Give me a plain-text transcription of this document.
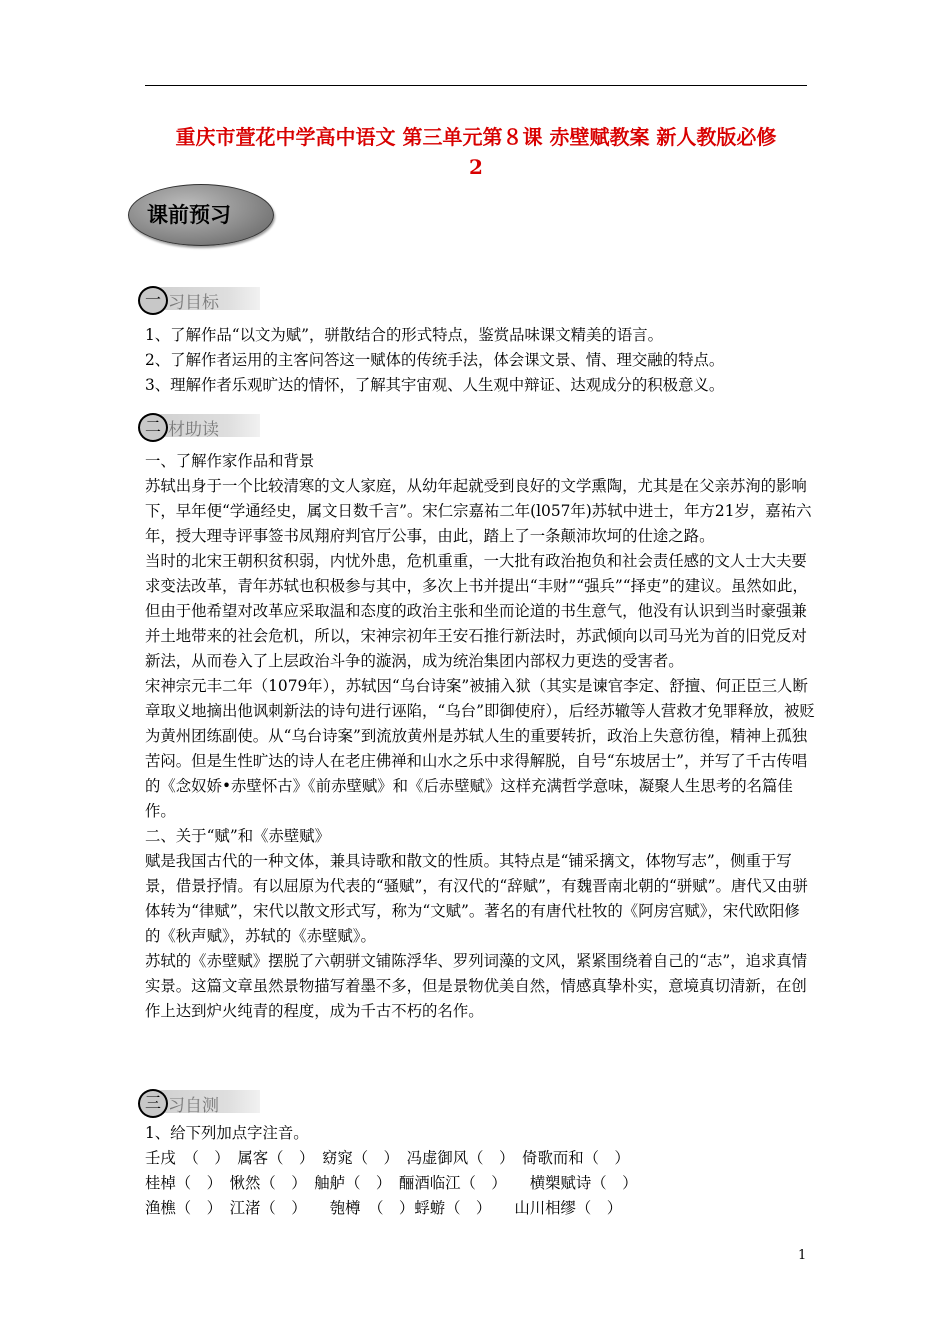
重庆市萱花中学高中语文 第三单元第８课 赤壁赋教案 新人教版必修
2
课前预习
一 习目标

1、了解作品“以文为赋”，骈散结合的形式特点，鉴赏品味课文精美的语言。

2、了解作者运用的主客问答这一赋体的传统手法，体会课文景、情、理交融的特点。

3、理解作者乐观旷达的情怀，了解其宇宙观、人生观中辩证、达观成分的积极意义。

二 材助读

一、了解作家作品和背景

苏轼出身于一个比较清寒的文人家庭，从幼年起就受到良好的文学熏陶，尤其是在父亲苏洵的影响下，早年便“学通经史，属文日数千言”。宋仁宗嘉祐二年(l057年)苏轼中进士，年方21岁，嘉祐六年，授大理寺评事签书凤翔府判官厅公事，由此，踏上了一条颠沛坎坷的仕途之路。

当时的北宋王朝积贫积弱，内忧外患，危机重重，一大批有政治抱负和社会责任感的文人士大夫要求变法改革，青年苏轼也积极参与其中，多次上书并提出“丰财”“强兵”“择吏”的建议。虽然如此，但由于他希望对改革应采取温和态度的政治主张和坐而论道的书生意气，他没有认识到当时豪强兼并土地带来的社会危机，所以，宋神宗初年王安石推行新法时，苏武倾向以司马光为首的旧党反对新法，从而卷入了上层政治斗争的漩涡，成为统治集团内部权力更迭的受害者。

宋神宗元丰二年（1079年），苏轼因“乌台诗案”被捕入狱（其实是谏官李定、舒擅、何正臣三人断章取义地摘出他讽刺新法的诗句进行诬陷，“乌台”即御使府），后经苏辙等人营救才免罪释放，被贬为黄州团练副使。从“乌台诗案”到流放黄州是苏轼人生的重要转折，政治上失意彷徨，精神上孤独苦闷。但是生性旷达的诗人在老庄佛禅和山水之乐中求得解脱，自号“东坡居士”，并写了千古传唱的《念奴娇•赤壁怀古》《前赤壁赋》和《后赤壁赋》这样充满哲学意味，凝聚人生思考的名篇佳作。

二、关于“赋”和《赤壁赋》

赋是我国古代的一种文体，兼具诗歌和散文的性质。其特点是“铺采摛文，体物写志”，侧重于写景，借景抒情。有以屈原为代表的“骚赋”，有汉代的“辞赋”，有魏晋南北朝的“骈赋”。唐代又由骈体转为“律赋”，宋代以散文形式写，称为“文赋”。著名的有唐代杜牧的《阿房宫赋》，宋代欧阳修的《秋声赋》，苏轼的《赤壁赋》。

苏轼的《赤壁赋》摆脱了六朝骈文铺陈浮华、罗列词藻的文风，紧紧围绕着自己的“志”，追求真情实景。这篇文章虽然景物描写着墨不多，但是景物优美自然，情感真挚朴实，意境真切清新，在创作上达到炉火纯青的程度，成为千古不朽的名作。

三 习自测

1、给下列加点字注音。

壬戌　（　）　属客（　）　窈窕（　）　冯虚御风（　）　倚歌而和（　）

桂棹（　）　愀然（　）　舳舻（　）　酾酒临江（　）　　横槊赋诗（　）

渔樵（　）　江渚（　）　　匏樽　（　）蜉蝣（　）　　山川相缪（　）

1
